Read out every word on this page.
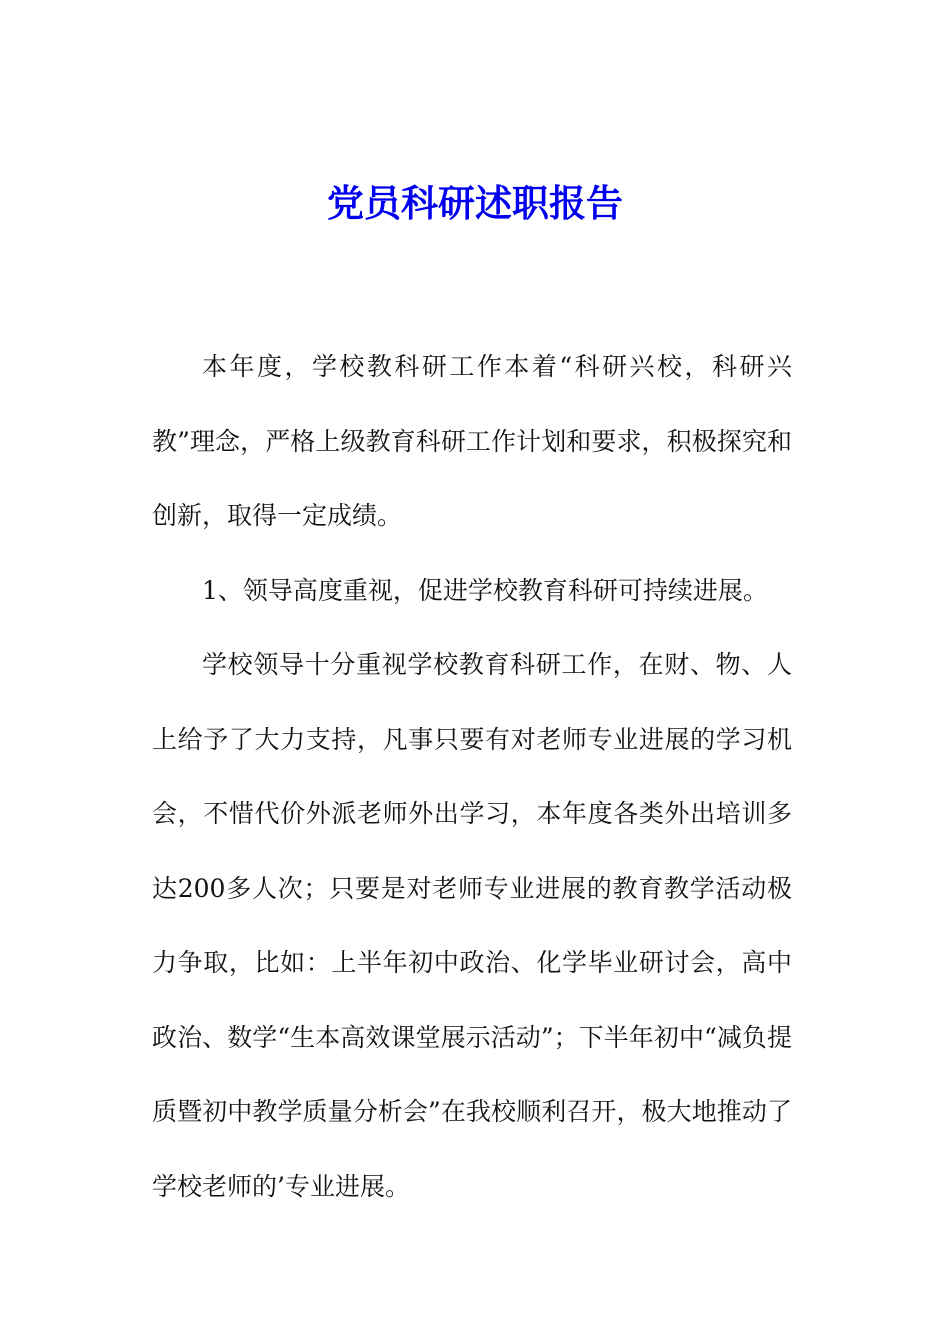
党员科研述职报告

本年度，学校教科研工作本着“科研兴校，科研兴教”理念，严格上级教育科研工作计划和要求，积极探究和创新，取得一定成绩。

1、领导高度重视，促进学校教育科研可持续进展。

学校领导十分重视学校教育科研工作，在财、物、人上给予了大力支持，凡事只要有对老师专业进展的学习机会，不惜代价外派老师外出学习，本年度各类外出培训多达200多人次；只要是对老师专业进展的教育教学活动极力争取，比如：上半年初中政治、化学毕业研讨会，高中政治、数学“生本高效课堂展示活动”；下半年初中“减负提质暨初中教学质量分析会”在我校顺利召开，极大地推动了学校老师的’专业进展。
